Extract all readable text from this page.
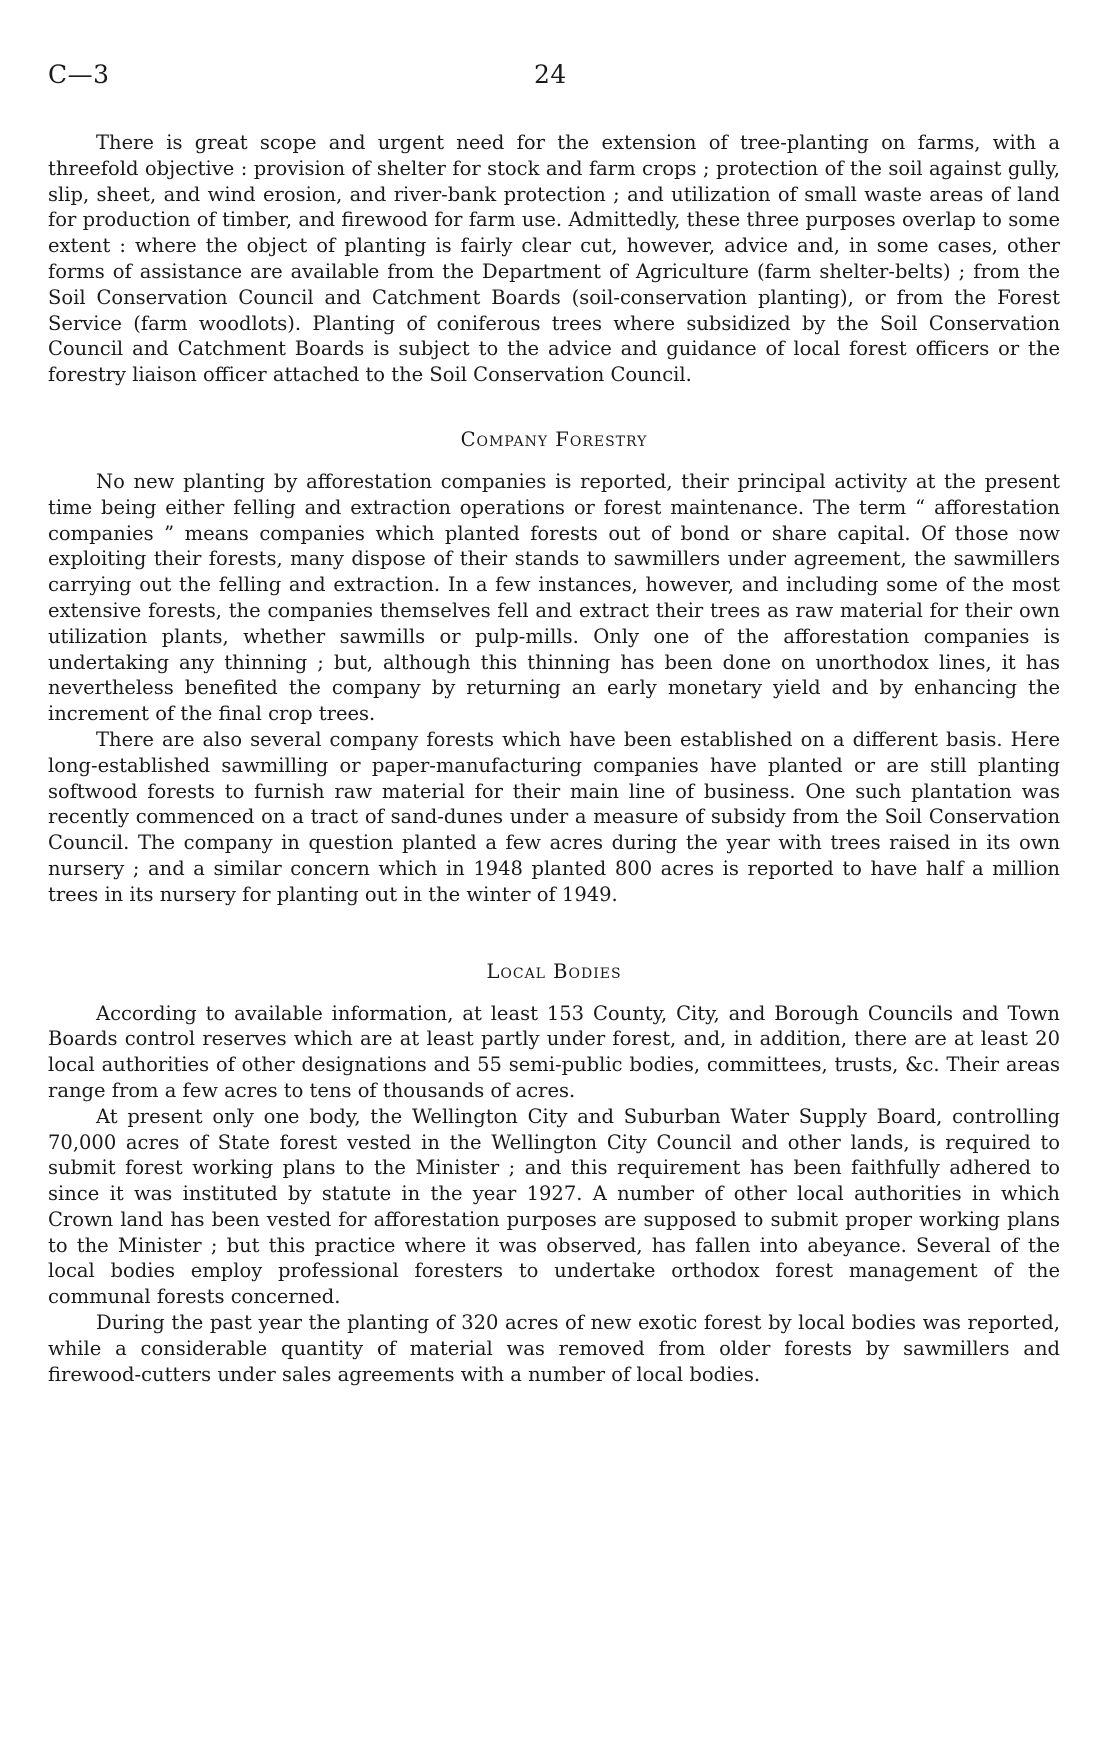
C—3	24

There is great scope and urgent need for the extension of tree-planting on farms, with a threefold objective : provision of shelter for stock and farm crops ; protection of the soil against gully, slip, sheet, and wind erosion, and river-bank protection ; and utilization of small waste areas of land for production of timber, and firewood for farm use. Admittedly, these three purposes overlap to some extent : where the object of planting is fairly clear cut, however, advice and, in some cases, other forms of assistance are available from the Department of Agriculture (farm shelter-belts) ; from the Soil Conservation Council and Catchment Boards (soil-conservation planting), or from the Forest Service (farm woodlots). Planting of coniferous trees where subsidized by the Soil Conservation Council and Catchment Boards is subject to the advice and guidance of local forest officers or the forestry liaison officer attached to the Soil Conservation Council.

Company Forestry

No new planting by afforestation companies is reported, their principal activity at the present time being either felling and extraction operations or forest maintenance. The term “ afforestation companies ” means companies which planted forests out of bond or share capital. Of those now exploiting their forests, many dispose of their stands to sawmillers under agreement, the sawmillers carrying out the felling and extraction. In a few instances, however, and including some of the most extensive forests, the companies themselves fell and extract their trees as raw material for their own utilization plants, whether sawmills or pulp-mills. Only one of the afforestation companies is undertaking any thinning ; but, although this thinning has been done on unorthodox lines, it has nevertheless benefited the company by returning an early monetary yield and by enhancing the increment of the final crop trees.

There are also several company forests which have been established on a different basis. Here long-established sawmilling or paper-manufacturing companies have planted or are still planting softwood forests to furnish raw material for their main line of business. One such plantation was recently commenced on a tract of sand-dunes under a measure of subsidy from the Soil Conservation Council. The company in question planted a few acres during the year with trees raised in its own nursery ; and a similar concern which in 1948 planted 800 acres is reported to have half a million trees in its nursery for planting out in the winter of 1949.

Local Bodies

According to available information, at least 153 County, City, and Borough Councils and Town Boards control reserves which are at least partly under forest, and, in addition, there are at least 20 local authorities of other designations and 55 semi-public bodies, committees, trusts, &c. Their areas range from a few acres to tens of thousands of acres.

At present only one body, the Wellington City and Suburban Water Supply Board, controlling 70,000 acres of State forest vested in the Wellington City Council and other lands, is required to submit forest working plans to the Minister ; and this requirement has been faithfully adhered to since it was instituted by statute in the year 1927. A number of other local authorities in which Crown land has been vested for afforestation purposes are supposed to submit proper working plans to the Minister ; but this practice where it was observed, has fallen into abeyance. Several of the local bodies employ professional foresters to undertake orthodox forest management of the communal forests concerned.

During the past year the planting of 320 acres of new exotic forest by local bodies was reported, while a considerable quantity of material was removed from older forests by sawmillers and firewood-cutters under sales agreements with a number of local bodies.
